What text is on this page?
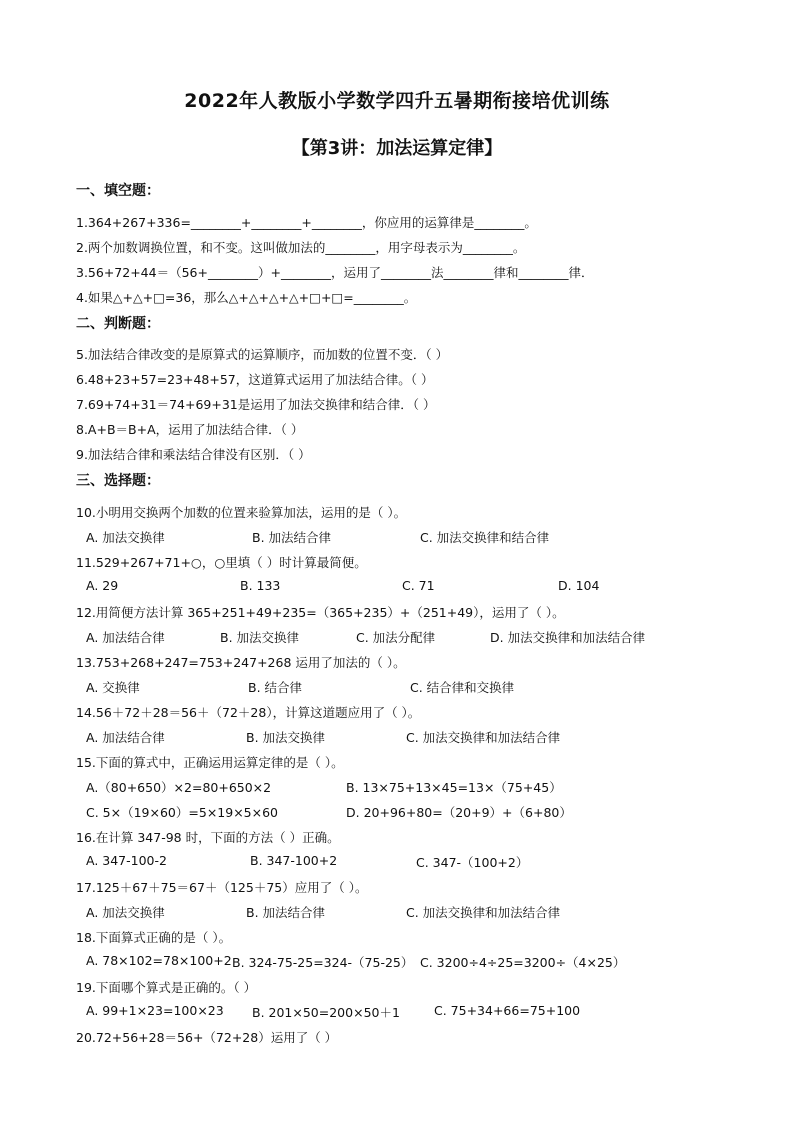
2022年人教版小学数学四升五暑期衔接培优训练
【第3讲：加法运算定律】
一、填空题：
1.364+267+336=________+________+________，你应用的运算律是________。
2.两个加数调换位置，和不变。这叫做加法的________，用字母表示为________。
3.56+72+44＝（56+________）+________，运用了________法________律和________律．
4.如果△+△+□=36，那么△+△+△+△+□+□=________。
二、判断题：
5.加法结合律改变的是原算式的运算顺序，而加数的位置不变．（ ）
6.48+23+57=23+48+57，这道算式运用了加法结合律。（ ）
7.69+74+31＝74+69+31是运用了加法交换律和结合律．（ ）
8.A+B＝B+A，运用了加法结合律．（ ）
9.加法结合律和乘法结合律没有区别．（ ）
三、选择题：
10.小明用交换两个加数的位置来验算加法，运用的是（ ）。
A. 加法交换律	B. 加法结合律	C. 加法交换律和结合律
11.529+267+71+○，○里填（ ）时计算最简便。
A. 29	B. 133	C. 71	D. 104
12.用简便方法计算 365+251+49+235=（365+235）+（251+49），运用了（ ）。
A. 加法结合律	B. 加法交换律	C. 加法分配律	D. 加法交换律和加法结合律
13.753+268+247=753+247+268 运用了加法的（ ）。
A. 交换律	B. 结合律	C. 结合律和交换律
14.56＋72＋28＝56＋（72＋28），计算这道题应用了（ ）。
A. 加法结合律	B. 加法交换律	C. 加法交换律和加法结合律
15.下面的算式中，正确运用运算定律的是（ ）。
A.（80+650）×2=80+650×2	B. 13×75+13×45=13×（75+45）
C. 5×（19×60）=5×19×5×60	D. 20+96+80=（20+9）+（6+80）
16.在计算 347-98 时，下面的方法（ ）正确。
A. 347-100-2	B. 347-100+2	C. 347-（100+2）
17.125＋67＋75＝67＋（125＋75）应用了（ ）。
A. 加法交换律	B. 加法结合律	C. 加法交换律和加法结合律
18.下面算式正确的是（ ）。
A. 78×102=78×100+2 B. 324-75-25=324-（75-25） C. 3200÷4÷25=3200÷（4×25）
19.下面哪个算式是正确的。（ ）
A. 99+1×23=100×23 B. 201×50=200×50＋1	C. 75+34+66=75+100
20.72+56+28＝56+（72+28）运用了（ ）
